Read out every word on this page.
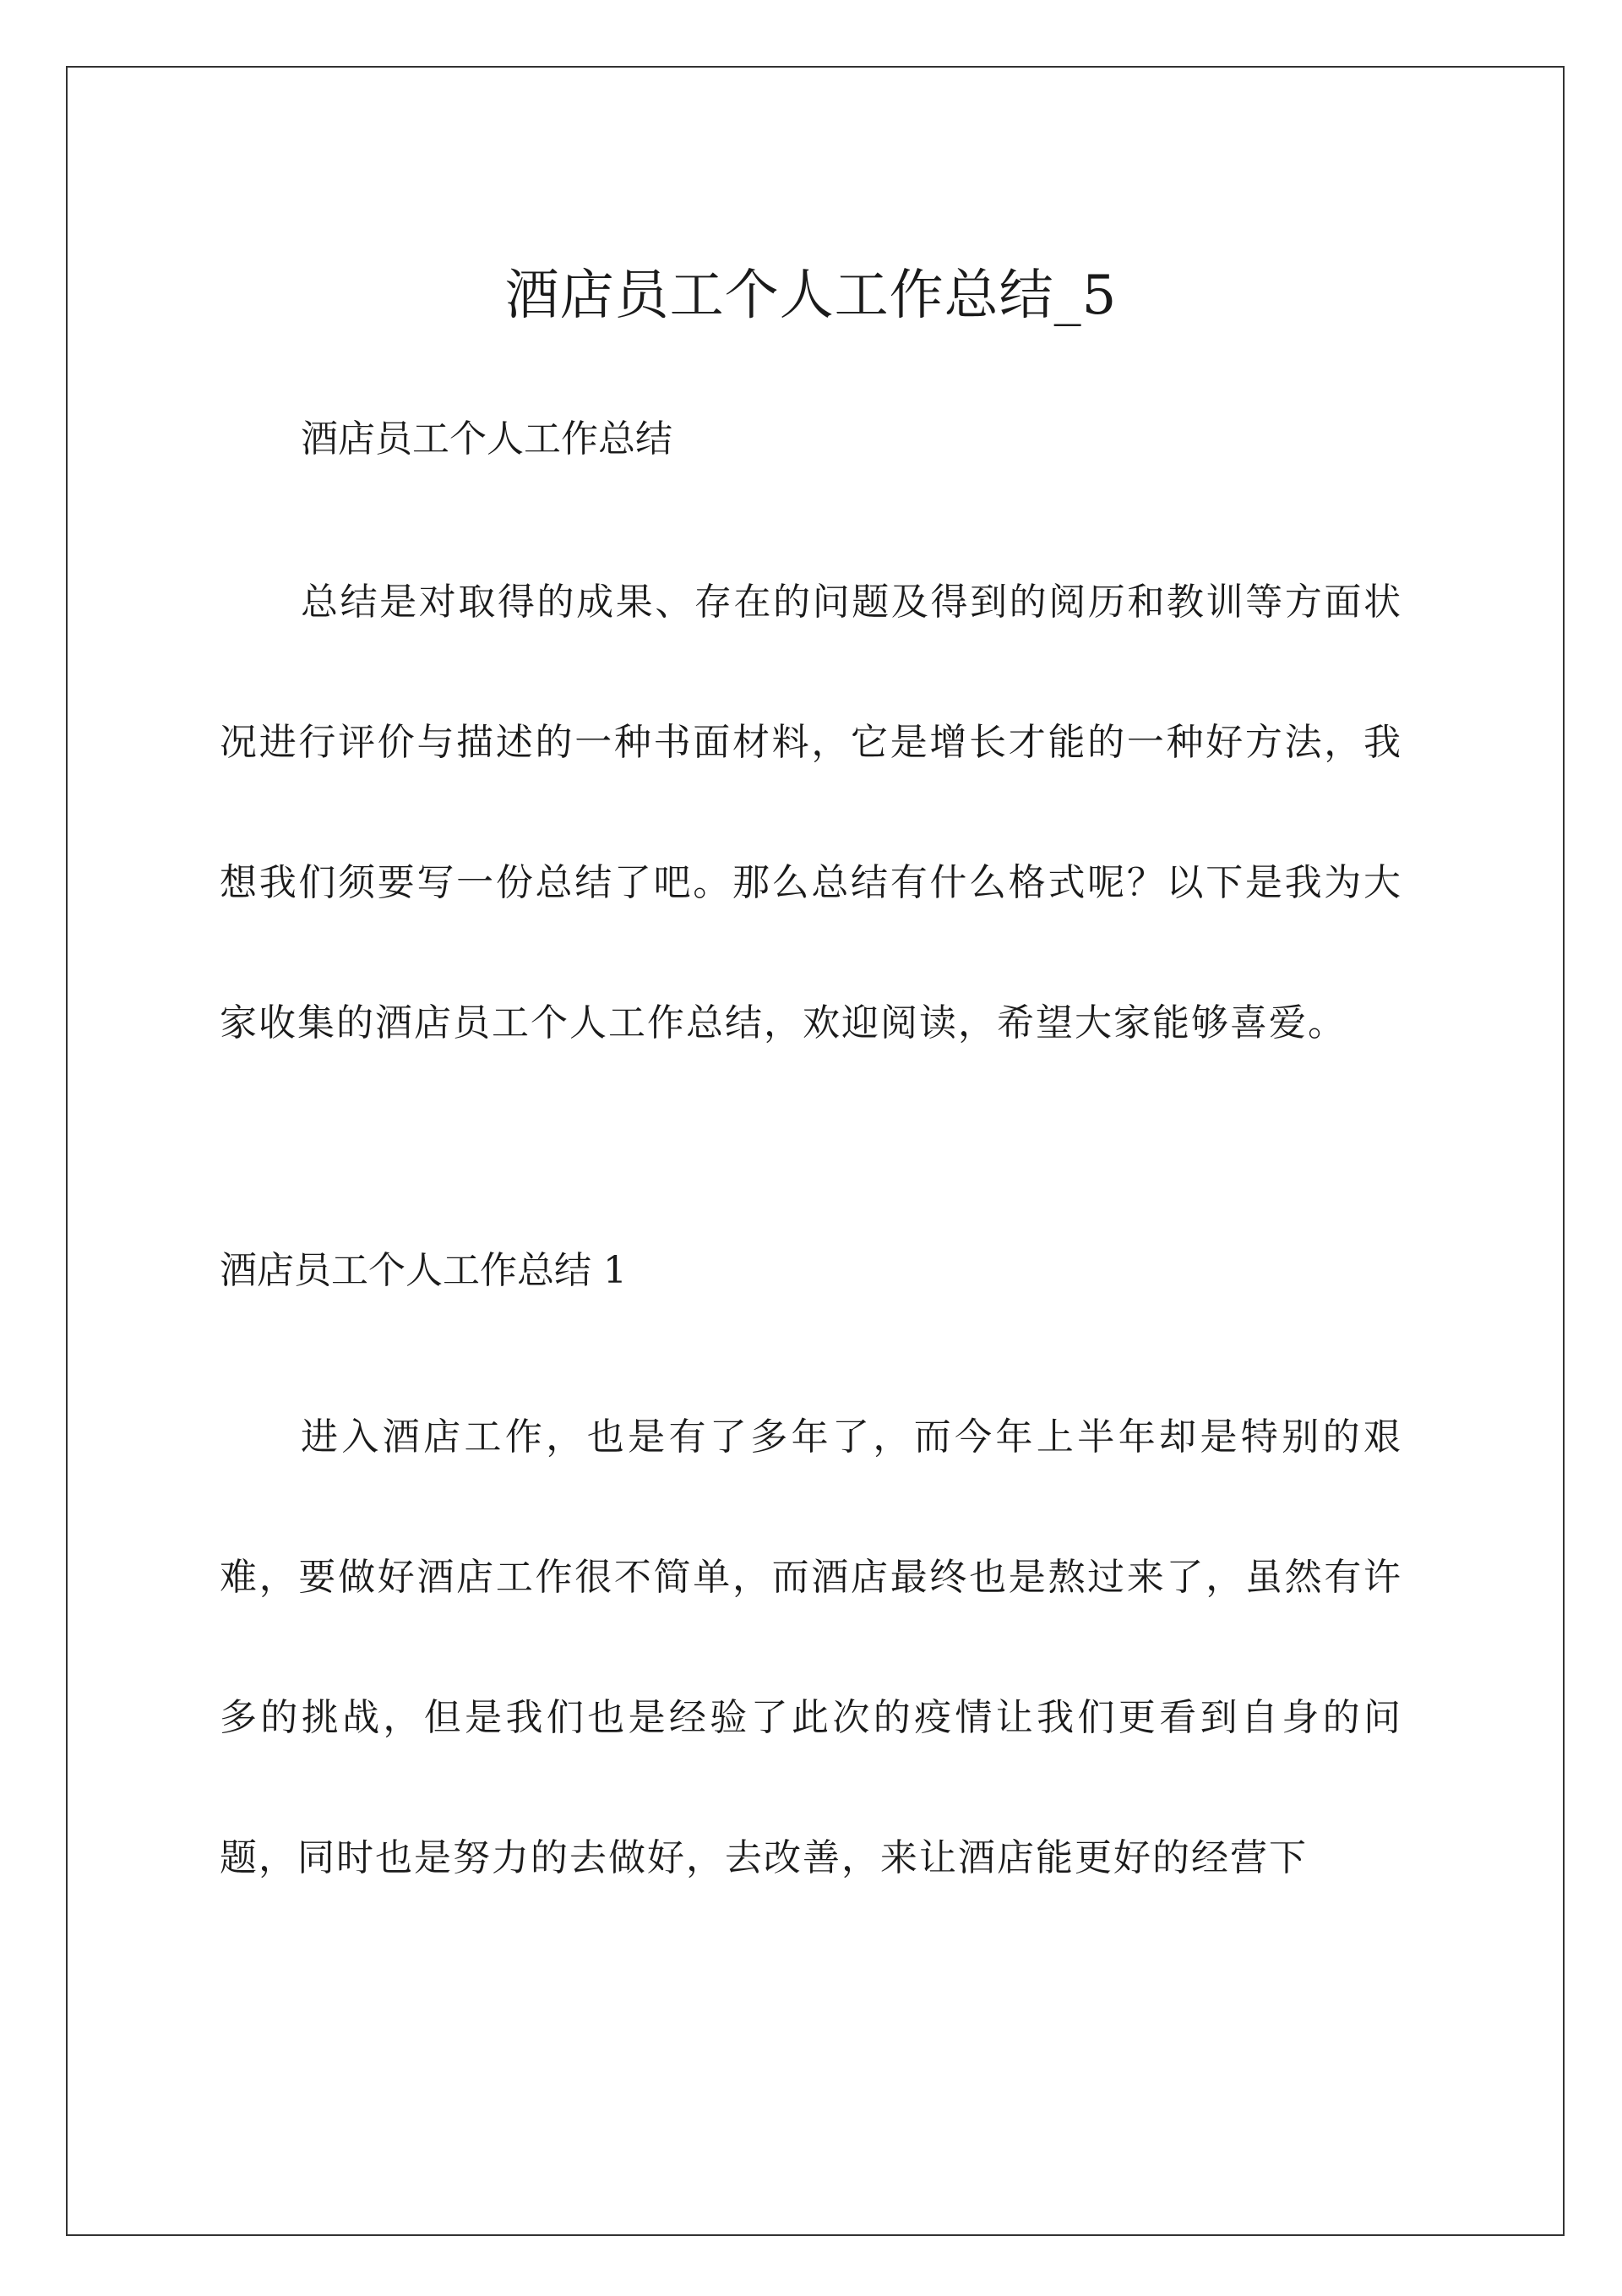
酒店员工个人工作总结_5

酒店员工个人工作总结

总结是对取得的成果、存在的问题及得到的阅历和教训等方面状况进行评价与描述的一种书面材料，它是增长才能的一种好方法，我想我们须要写一份总结了吧。那么总结有什么格式呢？以下是我为大家收集的酒店员工个人工作总结，欢迎阅读，希望大家能够喜爱。

酒店员工个人工作总结 1

进入酒店工作，也是有了多年了，而今年上半年却是特别的艰难，要做好酒店工作很不简单，而酒店最终也是熬过来了，虽然有许多的挑战，但是我们也是经验了此次的疫情让我们更看到自身的问题，同时也是努力的去做好，去改善，来让酒店能更好的经营下
